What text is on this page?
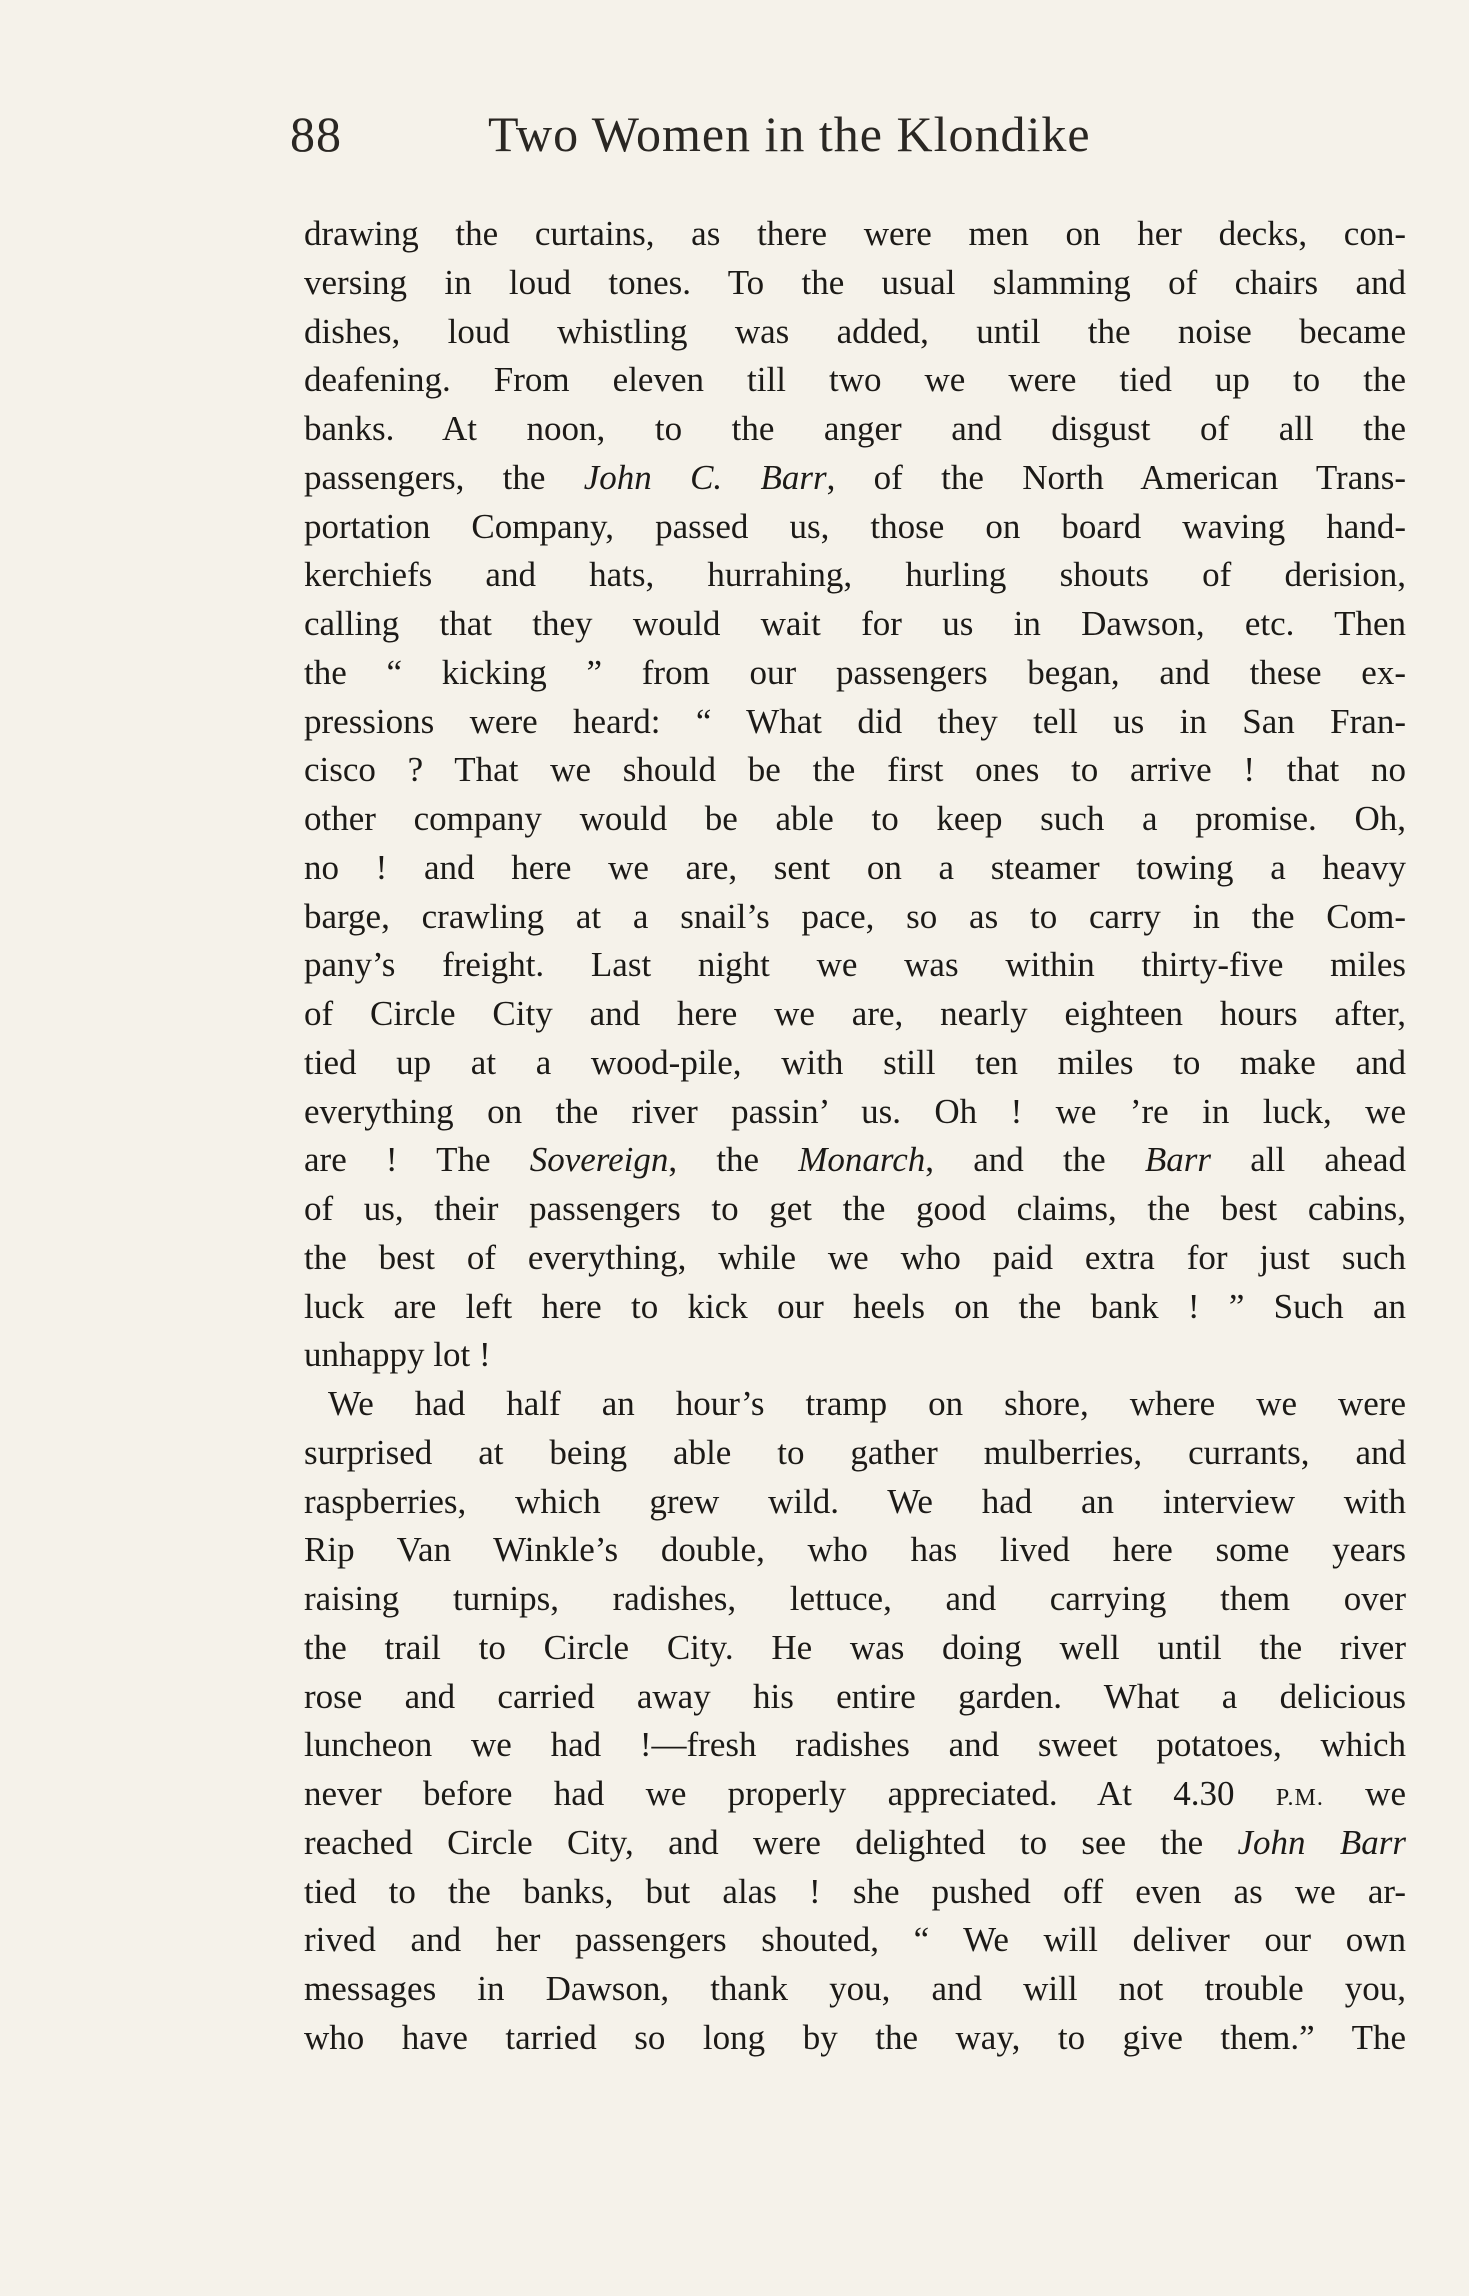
88	Two Women in the Klondike
drawing the curtains, as there were men on her decks, con-
versing in loud tones. To the usual slamming of chairs and
dishes, loud whistling was added, until the noise became
deafening. From eleven till two we were tied up to the
banks. At noon, to the anger and disgust of all the
passengers, the John C. Barr, of the North American Trans-
portation Company, passed us, those on board waving hand-
kerchiefs and hats, hurrahing, hurling shouts of derision,
calling that they would wait for us in Dawson, etc. Then
the “ kicking ” from our passengers began, and these ex-
pressions were heard: “ What did they tell us in San Fran-
cisco ? That we should be the first ones to arrive ! that no
other company would be able to keep such a promise. Oh,
no ! and here we are, sent on a steamer towing a heavy
barge, crawling at a snail’s pace, so as to carry in the Com-
pany’s freight. Last night we was within thirty-five miles
of Circle City and here we are, nearly eighteen hours after,
tied up at a wood-pile, with still ten miles to make and
everything on the river passin’ us. Oh ! we ’re in luck, we
are ! The Sovereign, the Monarch, and the Barr all ahead
of us, their passengers to get the good claims, the best cabins,
the best of everything, while we who paid extra for just such
luck are left here to kick our heels on the bank ! ” Such an
unhappy lot !
We had half an hour’s tramp on shore, where we were
surprised at being able to gather mulberries, currants, and
raspberries, which grew wild. We had an interview with
Rip Van Winkle’s double, who has lived here some years
raising turnips, radishes, lettuce, and carrying them over
the trail to Circle City. He was doing well until the river
rose and carried away his entire garden. What a delicious
luncheon we had !—fresh radishes and sweet potatoes, which
never before had we properly appreciated. At 4.30 P.M. we
reached Circle City, and were delighted to see the John Barr
tied to the banks, but alas ! she pushed off even as we ar-
rived and her passengers shouted, “ We will deliver our own
messages in Dawson, thank you, and will not trouble you,
who have tarried so long by the way, to give them.” The
